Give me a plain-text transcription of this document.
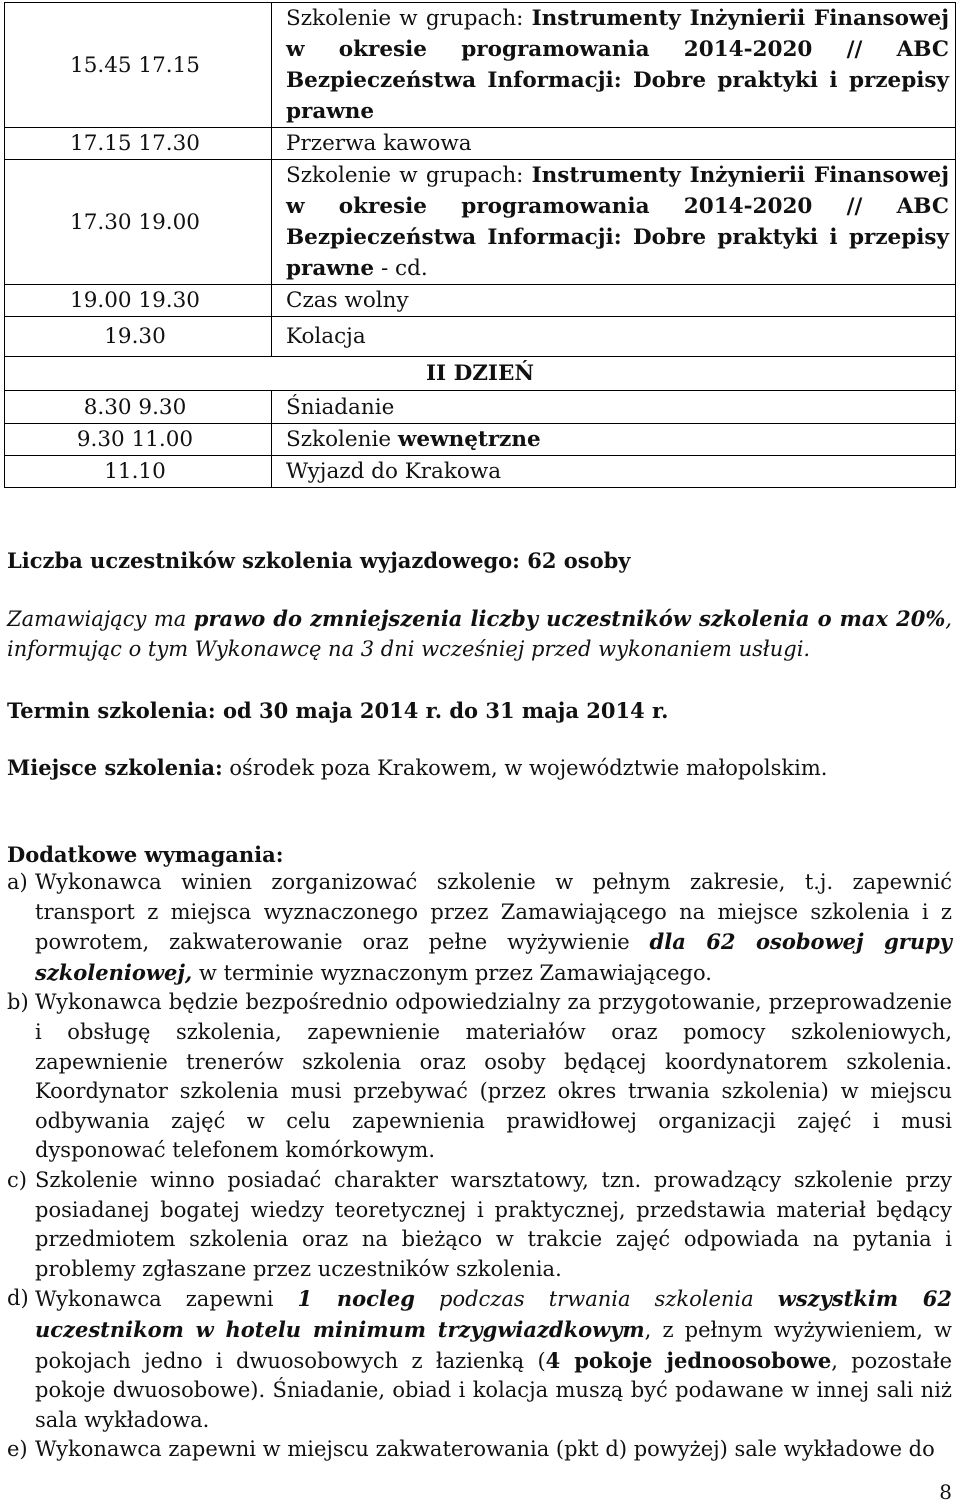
15.45 17.15	Szkolenie w grupach: Instrumenty Inżynierii Finansowej w okresie programowania 2014-2020 // ABC Bezpieczeństwa Informacji: Dobre praktyki i przepisy prawne
17.15 17.30	Przerwa kawowa
17.30 19.00	Szkolenie w grupach: Instrumenty Inżynierii Finansowej w okresie programowania 2014-2020 // ABC Bezpieczeństwa Informacji: Dobre praktyki i przepisy prawne - cd.
19.00 19.30	Czas wolny
19.30	Kolacja
II DZIEŃ	
8.30 9.30	Śniadanie
9.30 11.00	Szkolenie wewnętrzne
11.10	Wyjazd do Krakowa
Liczba uczestników szkolenia wyjazdowego: 62 osoby
Zamawiający ma prawo do zmniejszenia liczby uczestników szkolenia o max 20%, informując o tym Wykonawcę na 3 dni wcześniej przed wykonaniem usługi.
Termin szkolenia: od 30 maja 2014 r. do 31 maja 2014 r.
Miejsce szkolenia: ośrodek poza Krakowem, w województwie małopolskim.
Dodatkowe wymagania:
a) Wykonawca winien zorganizować szkolenie w pełnym zakresie, t.j. zapewnić transport z miejsca wyznaczonego przez Zamawiającego na miejsce szkolenia i z powrotem, zakwaterowanie oraz pełne wyżywienie dla 62 osobowej grupy szkoleniowej, w terminie wyznaczonym przez Zamawiającego.
b) Wykonawca będzie bezpośrednio odpowiedzialny za przygotowanie, przeprowadzenie i obsługę szkolenia, zapewnienie materiałów oraz pomocy szkoleniowych, zapewnienie trenerów szkolenia oraz osoby będącej koordynatorem szkolenia. Koordynator szkolenia musi przebywać (przez okres trwania szkolenia) w miejscu odbywania zajęć w celu zapewnienia prawidłowej organizacji zajęć i musi dysponować telefonem komórkowym.
c) Szkolenie winno posiadać charakter warsztatowy, tzn. prowadzący szkolenie przy posiadanej bogatej wiedzy teoretycznej i praktycznej, przedstawia materiał będący przedmiotem szkolenia oraz na bieżąco w trakcie zajęć odpowiada na pytania i problemy zgłaszane przez uczestników szkolenia.
d) Wykonawca zapewni 1 nocleg podczas trwania szkolenia wszystkim 62 uczestnikom w hotelu minimum trzygwiazdkowym, z pełnym wyżywieniem, w pokojach jedno i dwuosobowych z łazienką (4 pokoje jednoosobowe, pozostałe pokoje dwuosobowe). Śniadanie, obiad i kolacja muszą być podawane w innej sali niż sala wykładowa.
e) Wykonawca zapewni w miejscu zakwaterowania (pkt d) powyżej) sale wykładowe do
8
